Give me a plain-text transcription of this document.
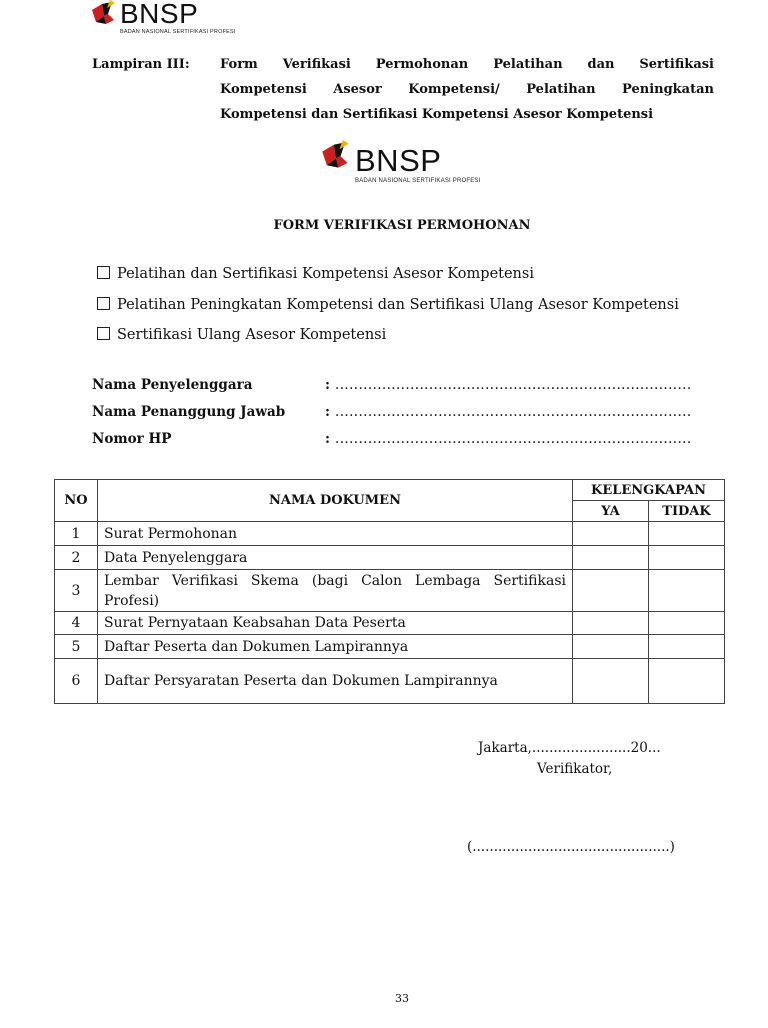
BNSP
BADAN NASIONAL SERTIFIKASI PROFESI
Lampiran III: Form Verifikasi Permohonan Pelatihan dan Sertifikasi
Kompetensi Asesor Kompetensi/ Pelatihan Peningkatan
Kompetensi dan Sertifikasi Kompetensi Asesor Kompetensi
BNSP
BADAN NASIONAL SERTIFIKASI PROFESI
FORM VERIFIKASI PERMOHONAN
Pelatihan dan Sertifikasi Kompetensi Asesor Kompetensi
Pelatihan Peningkatan Kompetensi dan Sertifikasi Ulang Asesor Kompetensi
Sertifikasi Ulang Asesor Kompetensi
Nama Penyelenggara	: ............................................................................
Nama Penanggung Jawab	: ............................................................................
Nomor HP	: ............................................................................
NO	NAMA DOKUMEN	KELENGKAPAN	
		YA	TIDAK
1	Surat Permohonan		
2	Data Penyelenggara		
3	Lembar Verifikasi Skema (bagi Calon Lembaga Sertifikasi Profesi)		
4	Surat Pernyataan Keabsahan Data Peserta		
5	Daftar Peserta dan Dokumen Lampirannya		
6	Daftar Persyaratan Peserta dan Dokumen Lampirannya		
Jakarta,.......................20...
Verifikator,
(..............................................)
33
